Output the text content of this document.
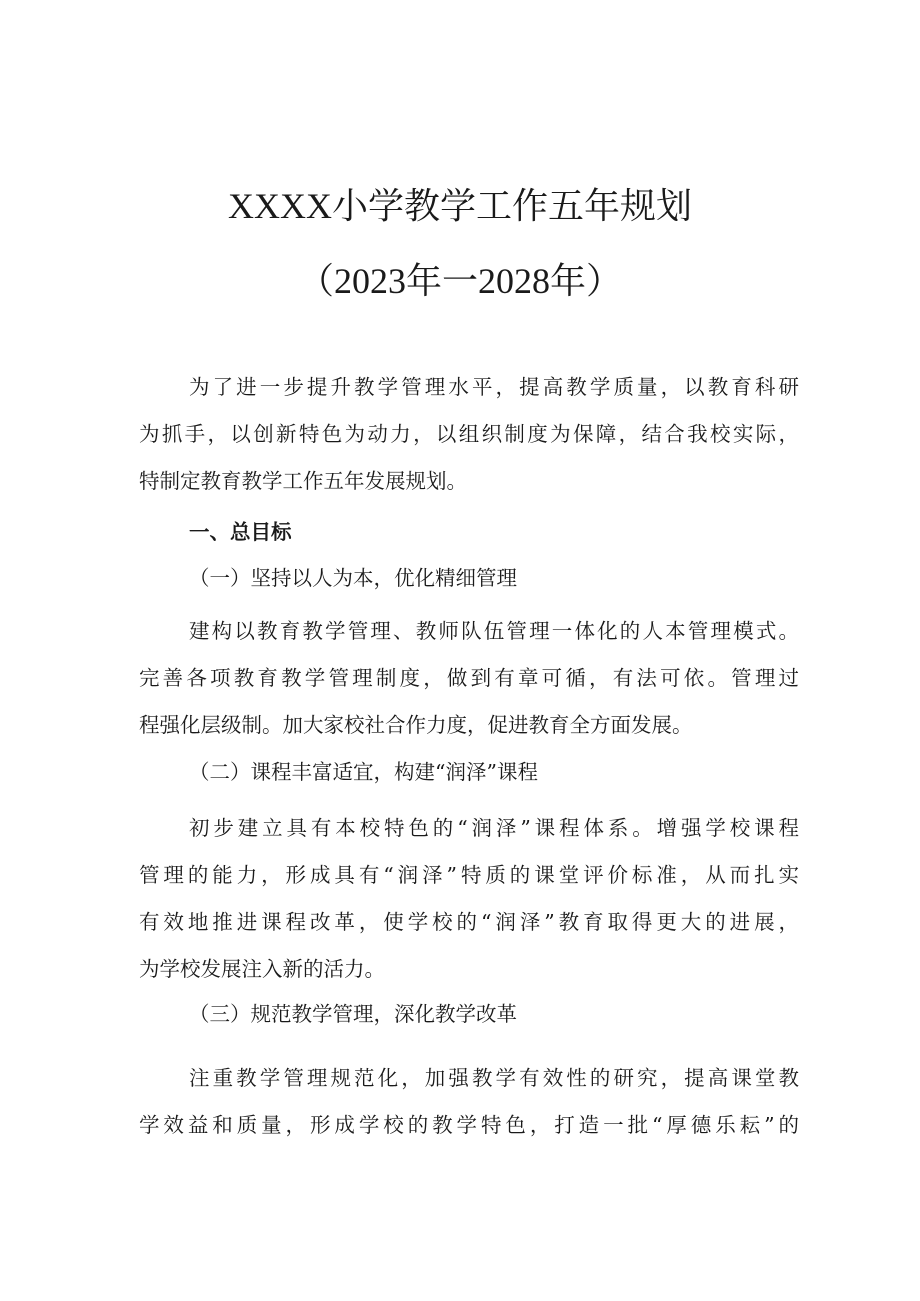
XXXX小学教学工作五年规划
（2023年一2028年）
为了进一步提升教学管理水平，提高教学质量，以教育科研
为抓手，以创新特色为动力，以组织制度为保障，结合我校实际，
特制定教育教学工作五年发展规划。
一、总目标
（一）坚持以人为本，优化精细管理
建构以教育教学管理、教师队伍管理一体化的人本管理模式。
完善各项教育教学管理制度，做到有章可循，有法可依。管理过
程强化层级制。加大家校社合作力度，促进教育全方面发展。
（二）课程丰富适宜，构建“润泽”课程
初步建立具有本校特色的“润泽”课程体系。增强学校课程
管理的能力，形成具有“润泽”特质的课堂评价标准，从而扎实
有效地推进课程改革，使学校的“润泽”教育取得更大的进展，
为学校发展注入新的活力。
（三）规范教学管理，深化教学改革
注重教学管理规范化，加强教学有效性的研究，提高课堂教
学效益和质量，形成学校的教学特色，打造一批“厚德乐耘”的
